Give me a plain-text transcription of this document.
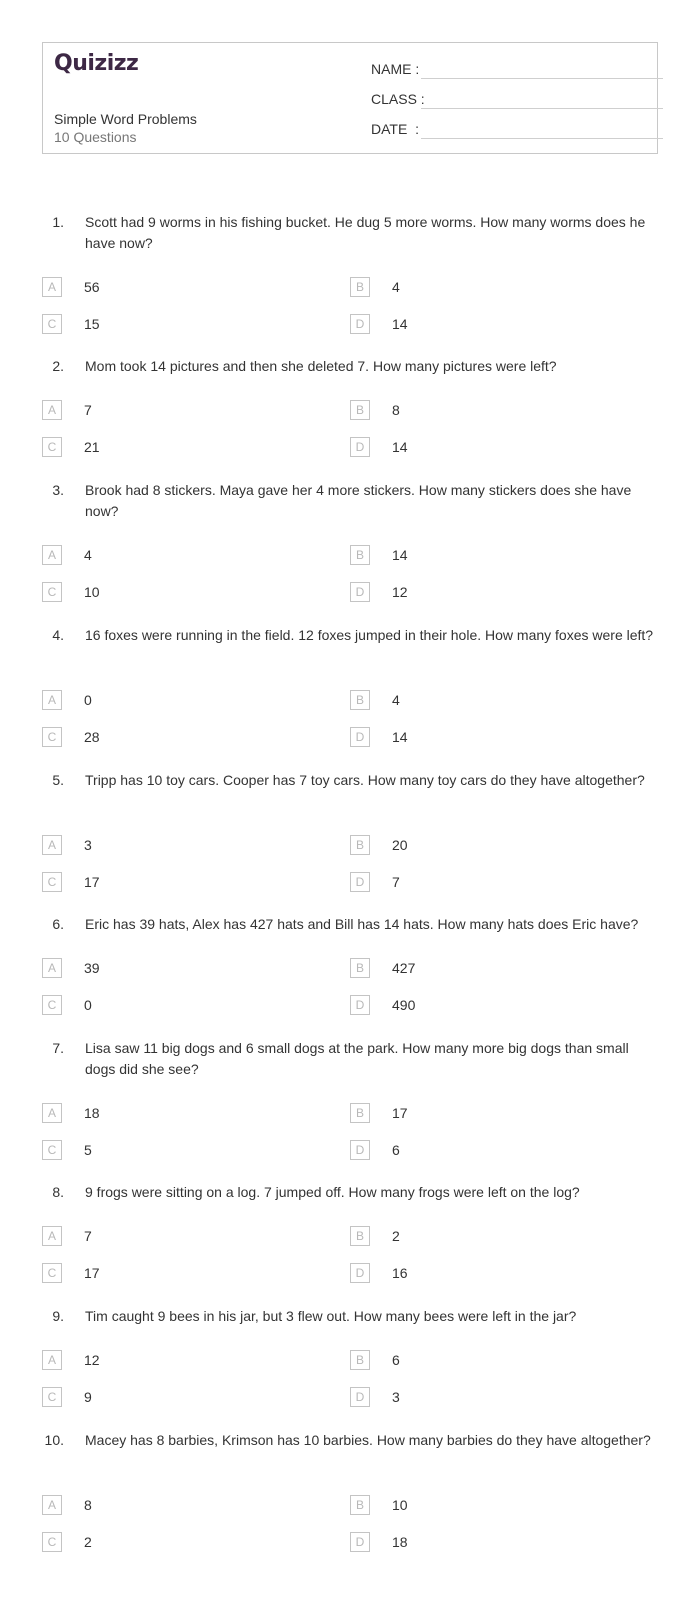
Quizizz
Simple Word Problems
10 Questions
NAME :
CLASS :
DATE  :
1. Scott had 9 worms in his fishing bucket. He dug 5 more worms. How many worms does he have now?
A	56	B	4
C	15	D	14
2. Mom took 14 pictures and then she deleted 7. How many pictures were left?
A	7	B	8
C	21	D	14
3. Brook had 8 stickers. Maya gave her 4 more stickers. How many stickers does she have now?
A	4	B	14
C	10	D	12
4. 16 foxes were running in the field. 12 foxes jumped in their hole. How many foxes were left?
A	0	B	4
C	28	D	14
5. Tripp has 10 toy cars. Cooper has 7 toy cars. How many toy cars do they have altogether?
A	3	B	20
C	17	D	7
6. Eric has 39 hats, Alex has 427 hats and Bill has 14 hats. How many hats does Eric have?
A	39	B	427
C	0	D	490
7. Lisa saw 11 big dogs and 6 small dogs at the park. How many more big dogs than small dogs did she see?
A	18	B	17
C	5	D	6
8. 9 frogs were sitting on a log. 7 jumped off. How many frogs were left on the log?
A	7	B	2
C	17	D	16
9. Tim caught 9 bees in his jar, but 3 flew out. How many bees were left in the jar?
A	12	B	6
C	9	D	3
10. Macey has 8 barbies, Krimson has 10 barbies. How many barbies do they have altogether?
A	8	B	10
C	2	D	18
